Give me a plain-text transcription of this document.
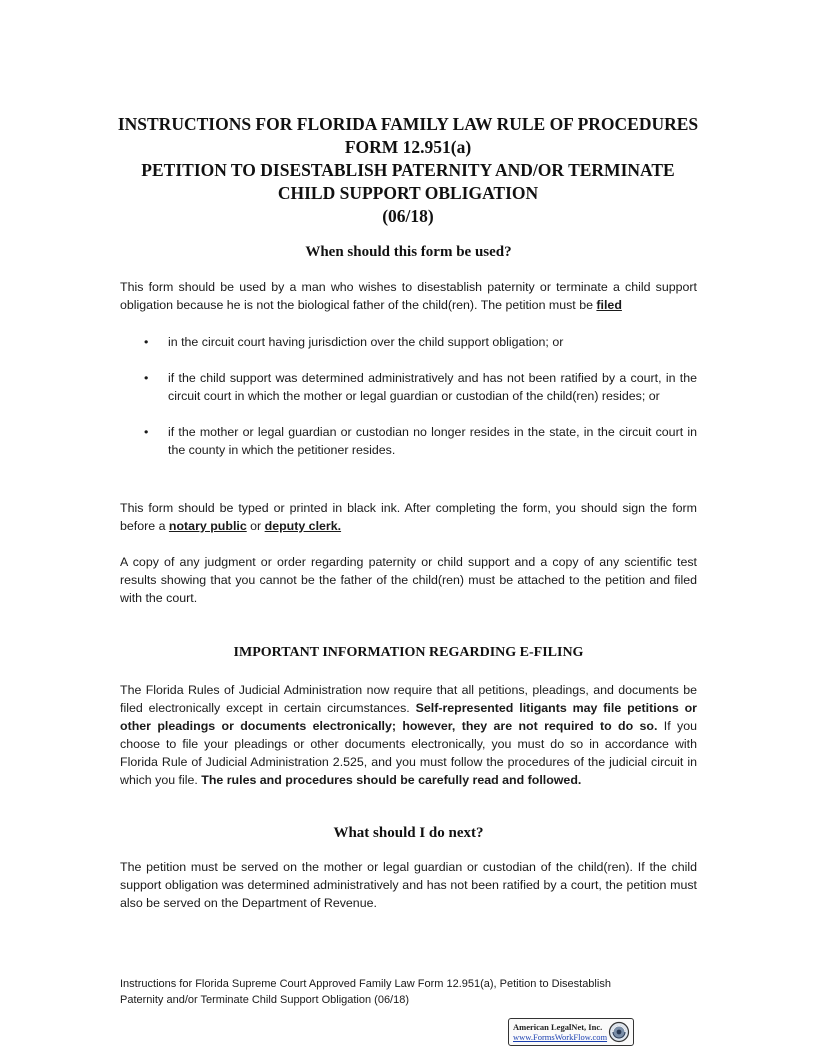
INSTRUCTIONS FOR FLORIDA FAMILY LAW RULE OF PROCEDURES
FORM 12.951(a)
PETITION TO DISESTABLISH PATERNITY AND/OR TERMINATE
CHILD SUPPORT OBLIGATION
(06/18)
When should this form be used?

This form should be used by a man who wishes to disestablish paternity or terminate a child support obligation because he is not the biological father of the child(ren). The petition must be filed

• in the circuit court having jurisdiction over the child support obligation; or
• if the child support was determined administratively and has not been ratified by a court, in the circuit court in which the mother or legal guardian or custodian of the child(ren) resides; or
• if the mother or legal guardian or custodian no longer resides in the state, in the circuit court in the county in which the petitioner resides.

This form should be typed or printed in black ink. After completing the form, you should sign the form before a notary public or deputy clerk.

A copy of any judgment or order regarding paternity or child support and a copy of any scientific test results showing that you cannot be the father of the child(ren) must be attached to the petition and filed with the court.

IMPORTANT INFORMATION REGARDING E-FILING

The Florida Rules of Judicial Administration now require that all petitions, pleadings, and documents be filed electronically except in certain circumstances. Self-represented litigants may file petitions or other pleadings or documents electronically; however, they are not required to do so. If you choose to file your pleadings or other documents electronically, you must do so in accordance with Florida Rule of Judicial Administration 2.525, and you must follow the procedures of the judicial circuit in which you file. The rules and procedures should be carefully read and followed.

What should I do next?

The petition must be served on the mother or legal guardian or custodian of the child(ren). If the child support obligation was determined administratively and has not been ratified by a court, the petition must also be served on the Department of Revenue.

Instructions for Florida Supreme Court Approved Family Law Form 12.951(a), Petition to Disestablish
Paternity and/or Terminate Child Support Obligation (06/18)
American LegalNet, Inc.
www.FormsWorkFlow.com
